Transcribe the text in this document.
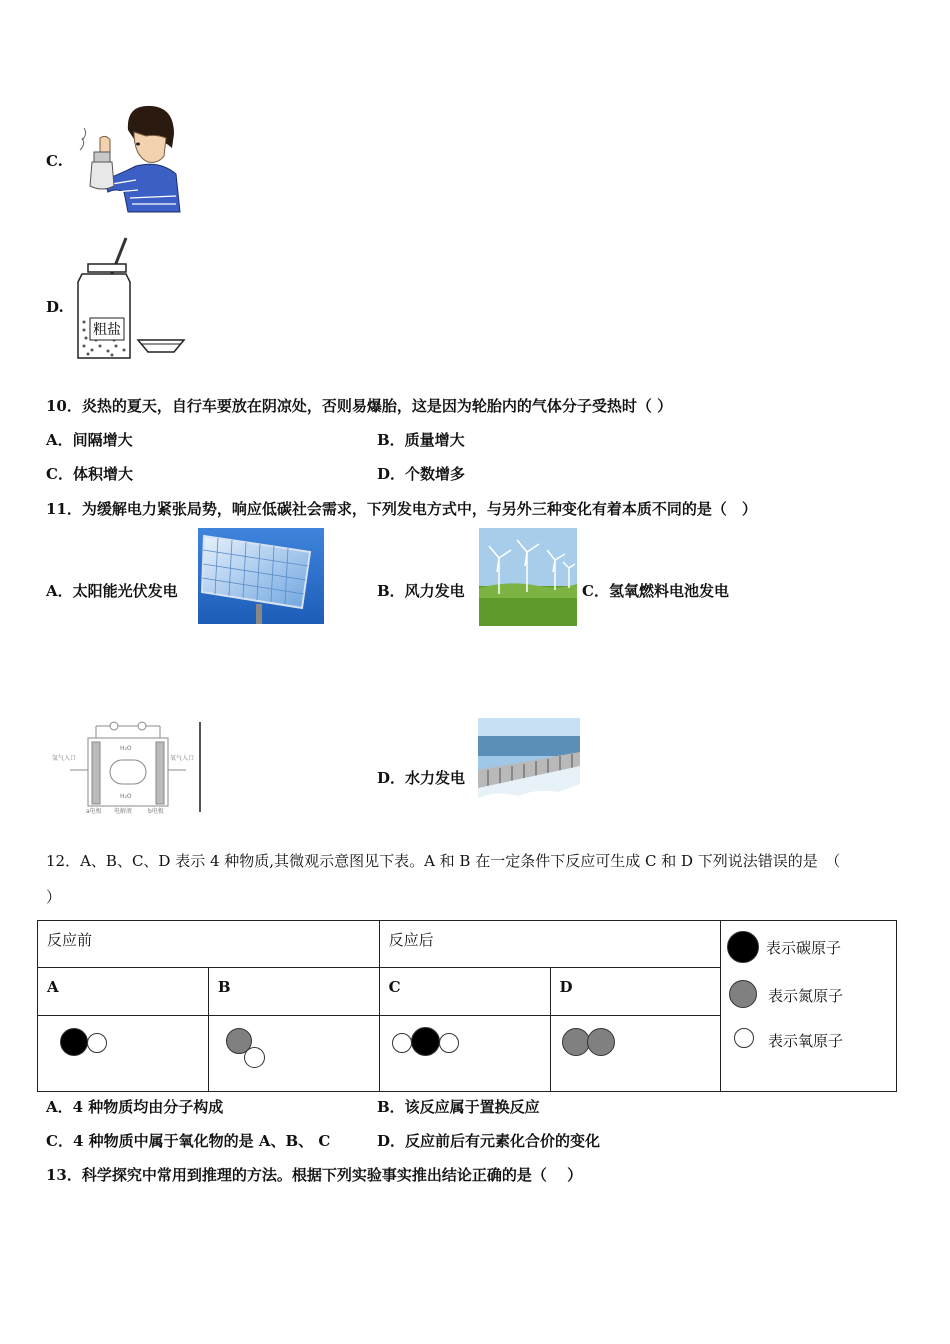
C.
D.
粗盐
10．炎热的夏天，自行车要放在阴凉处，否则易爆胎，这是因为轮胎内的气体分子受热时（ ）
A．间隔增大	B．质量增大
C．体积增大	D．个数增多
11．为缓解电力紧张局势，响应低碳社会需求，下列发电方式中，与另外三种变化有着本质不同的是（　）
A．太阳能光伏发电	B．风力发电	C．氢氧燃料电池发电
氢气入口	氧气入口
H₂O
H₂O
a电极 电解液	b电极
D．水力发电
12．A、B、C、D 表示 4 种物质,其微观示意图见下表。A 和 B 在一定条件下反应可生成 C 和 D 下列说法错误的是　（
）
反应前		反应后		
A	B	C	D	

表示碳原子
表示氮原子
表示氧原子
A．4 种物质均由分子构成	B．该反应属于置换反应
C．4 种物质中属于氧化物的是 A、B、 C	D．反应前后有元素化合价的变化
13．科学探究中常用到推理的方法。根据下列实验事实推出结论正确的是（　 ）
